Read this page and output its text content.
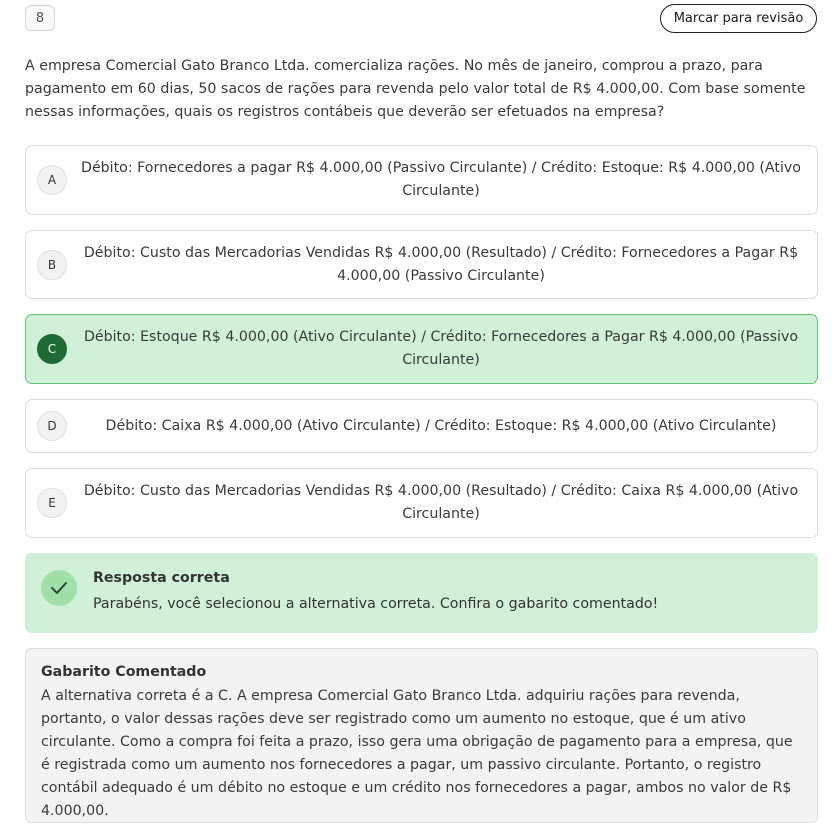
8	Marcar para revisão
A empresa Comercial Gato Branco Ltda. comercializa rações. No mês de janeiro, comprou a prazo, para pagamento em 60 dias, 50 sacos de rações para revenda pelo valor total de R$ 4.000,00. Com base somente nessas informações, quais os registros contábeis que deverão ser efetuados na empresa?
A
Débito: Fornecedores a pagar R$ 4.000,00 (Passivo Circulante) / Crédito: Estoque: R$ 4.000,00 (Ativo Circulante)
B
Débito: Custo das Mercadorias Vendidas R$ 4.000,00 (Resultado) / Crédito: Fornecedores a Pagar R$ 4.000,00 (Passivo Circulante)
C
Débito: Estoque R$ 4.000,00 (Ativo Circulante) / Crédito: Fornecedores a Pagar R$ 4.000,00 (Passivo Circulante)
D	Débito: Caixa R$ 4.000,00 (Ativo Circulante) / Crédito: Estoque: R$ 4.000,00 (Ativo Circulante)
E
Débito: Custo das Mercadorias Vendidas R$ 4.000,00 (Resultado) / Crédito: Caixa R$ 4.000,00 (Ativo Circulante)
Resposta correta
Parabéns, você selecionou a alternativa correta. Confira o gabarito comentado!
Gabarito Comentado
A alternativa correta é a C. A empresa Comercial Gato Branco Ltda. adquiriu rações para revenda, portanto, o valor dessas rações deve ser registrado como um aumento no estoque, que é um ativo circulante. Como a compra foi feita a prazo, isso gera uma obrigação de pagamento para a empresa, que é registrada como um aumento nos fornecedores a pagar, um passivo circulante. Portanto, o registro contábil adequado é um débito no estoque e um crédito nos fornecedores a pagar, ambos no valor de R$ 4.000,00.
